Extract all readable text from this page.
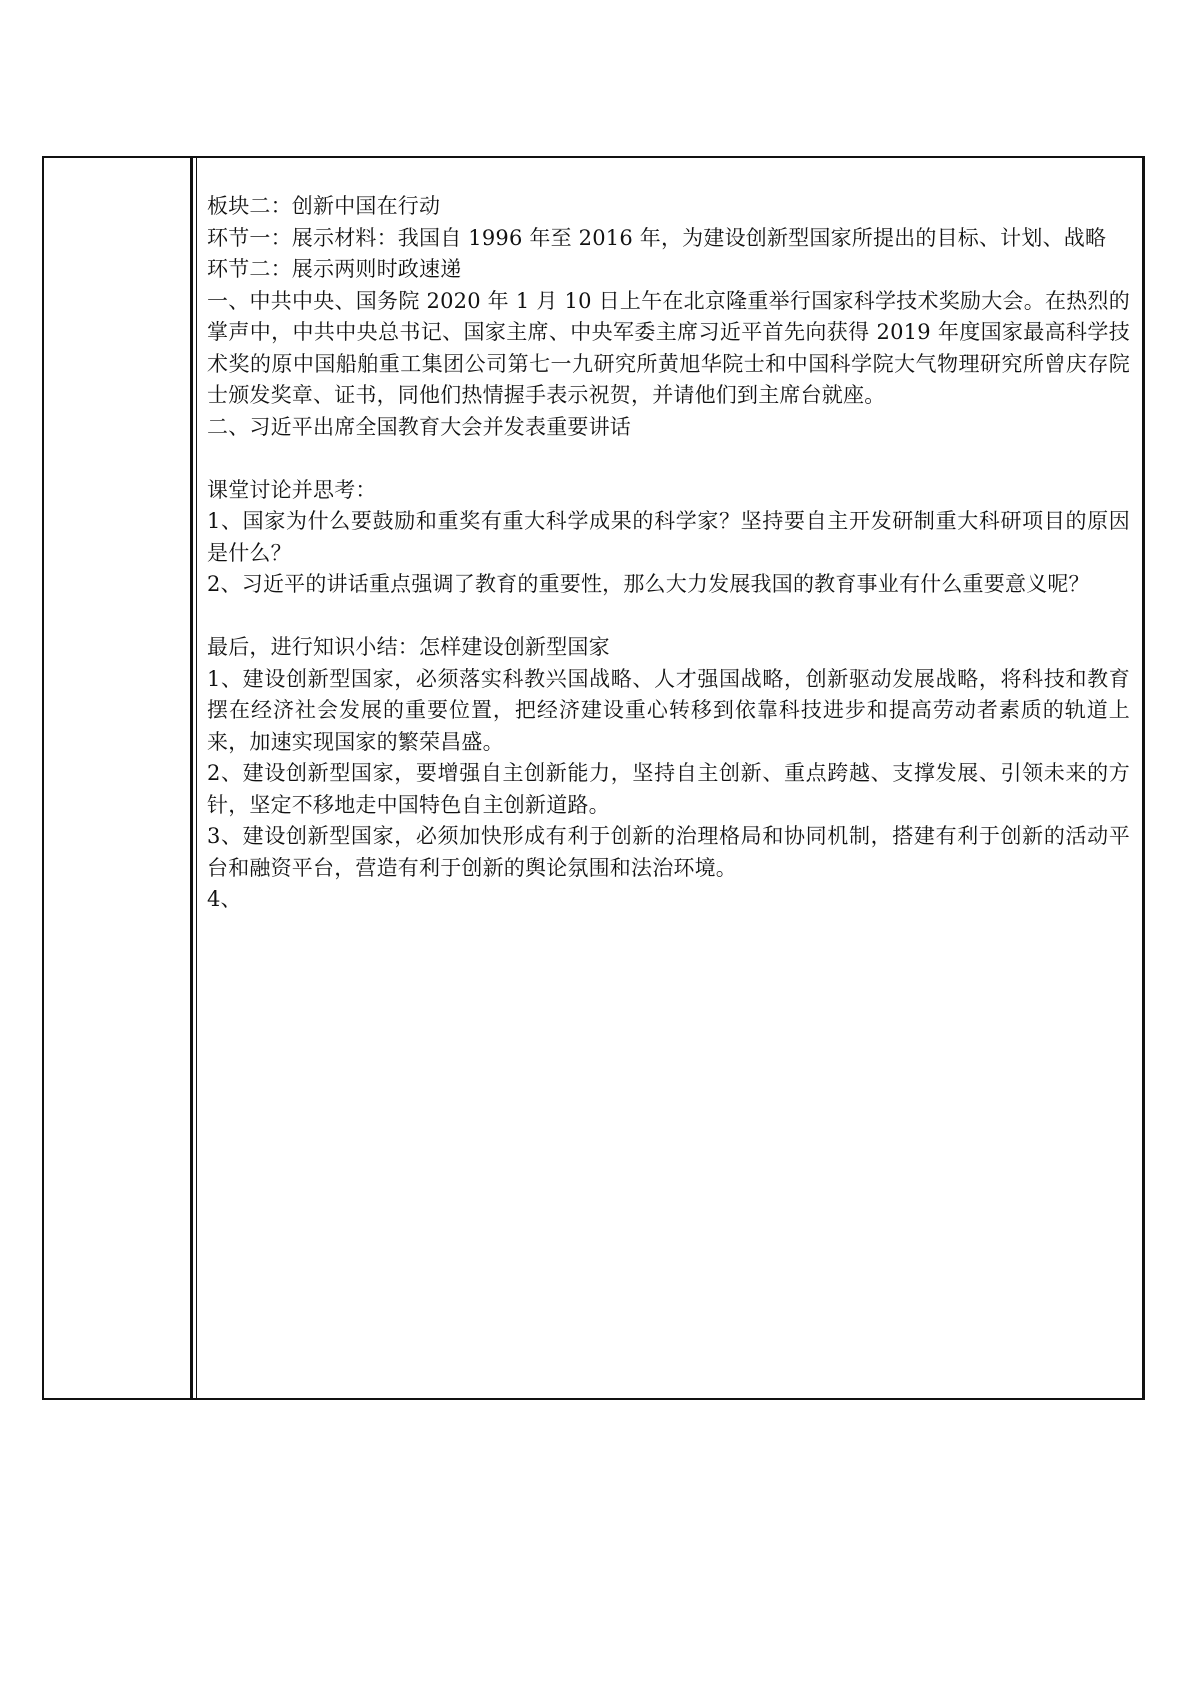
板块二：创新中国在行动

环节一：展示材料：我国自 1996 年至 2016 年，为建设创新型国家所提出的目标、计划、战略

环节二：展示两则时政速递

一、中共中央、国务院 2020 年 1 月 10 日上午在北京隆重举行国家科学技术奖励大会。在热烈的掌声中，中共中央总书记、国家主席、中央军委主席习近平首先向获得 2019 年度国家最高科学技术奖的原中国船舶重工集团公司第七一九研究所黄旭华院士和中国科学院大气物理研究所曾庆存院士颁发奖章、证书，同他们热情握手表示祝贺，并请他们到主席台就座。

二、习近平出席全国教育大会并发表重要讲话

课堂讨论并思考：

1、国家为什么要鼓励和重奖有重大科学成果的科学家？坚持要自主开发研制重大科研项目的原因是什么？

2、习近平的讲话重点强调了教育的重要性，那么大力发展我国的教育事业有什么重要意义呢？

最后，进行知识小结：怎样建设创新型国家

1、建设创新型国家，必须落实科教兴国战略、人才强国战略，创新驱动发展战略，将科技和教育摆在经济社会发展的重要位置，把经济建设重心转移到依靠科技进步和提高劳动者素质的轨道上来，加速实现国家的繁荣昌盛。

2、建设创新型国家，要增强自主创新能力，坚持自主创新、重点跨越、支撑发展、引领未来的方针，坚定不移地走中国特色自主创新道路。

3、建设创新型国家，必须加快形成有利于创新的治理格局和协同机制，搭建有利于创新的活动平台和融资平台，营造有利于创新的舆论氛围和法治环境。

4、
